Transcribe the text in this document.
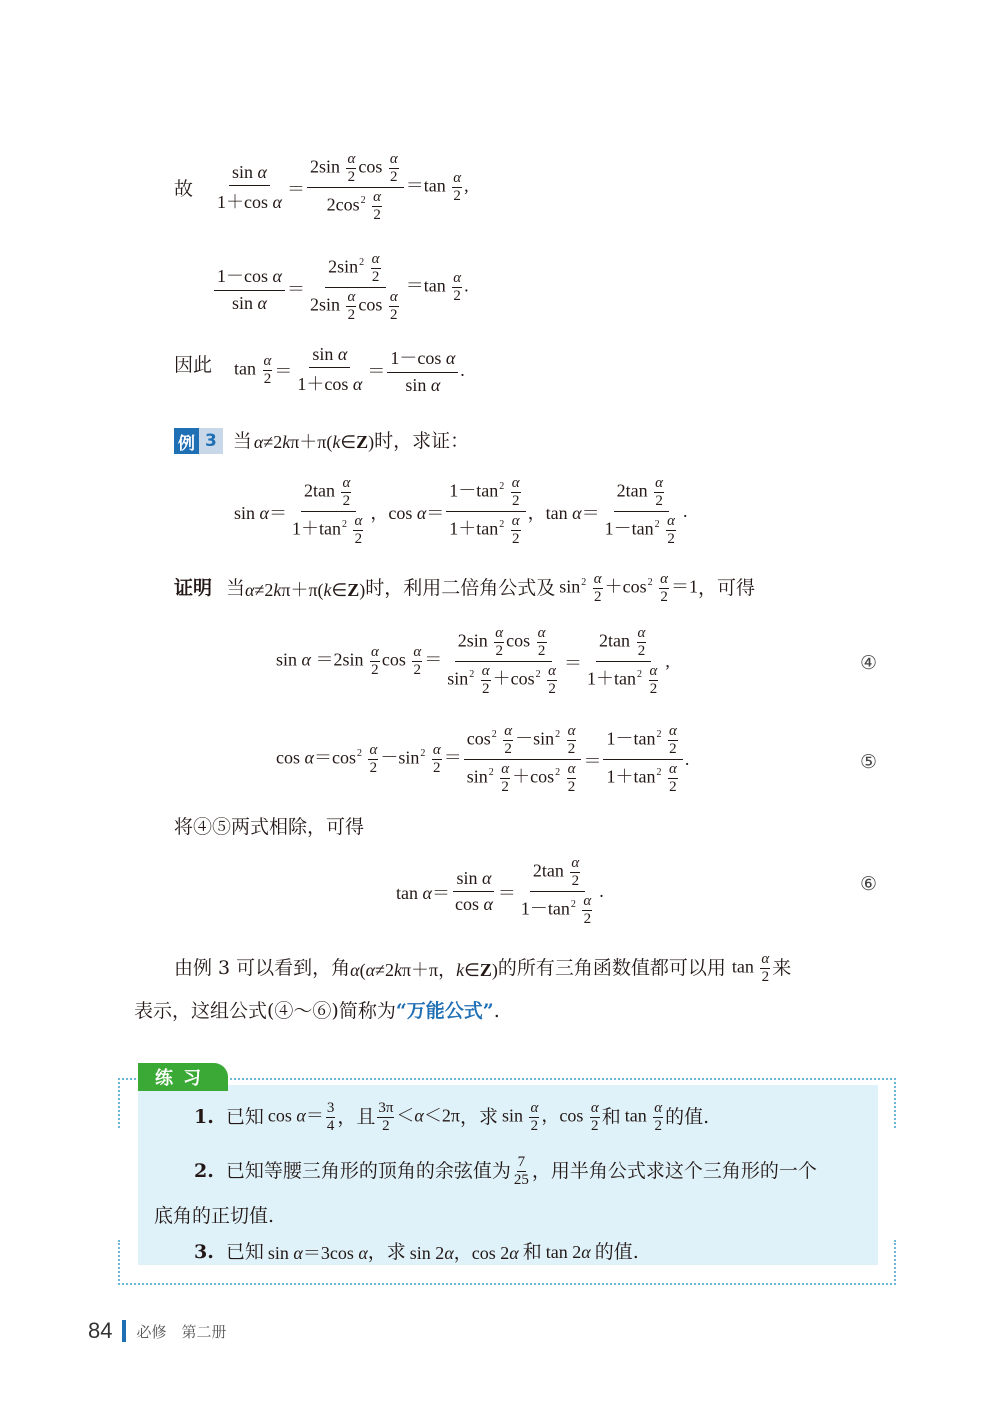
故 $\frac{\text{sin α}}{\text{1＋cos α}} = \frac{2\sin \frac{\alpha}{2} \cos \frac{\alpha}{2}}{2\cos^2 \frac{\alpha}{2}} =\tan \frac{\alpha}{2}$ ,
$\frac{\text{1－cos α}}{\text{sin α}} = \frac{2\sin^2 \frac{\alpha}{2}}{2\sin \frac{\alpha}{2} \cos \frac{\alpha}{2}} =\tan \frac{\alpha}{2}$ .
因此 $\tan \frac{\alpha}{2} = \frac{\text{sin α}}{\text{1＋cos α}} = \frac{\text{1－cos α}}{\text{sin α}}$ .
例 3 当 α≠2kπ＋π(k∈Z) 时，求证：
$\sin \alpha= \frac{2\tan \frac{\alpha}{2}}{1+\tan^2 \frac{\alpha}{2}}$ ，$\cos \alpha= \frac{1-\tan^2 \frac{\alpha}{2}}{1+\tan^2 \frac{\alpha}{2}}$ ，$\tan \alpha= \frac{2\tan \frac{\alpha}{2}}{1-\tan^2 \frac{\alpha}{2}}$ .
证明 当 α≠2kπ＋π(k∈Z) 时，利用二倍角公式及 $\sin^2 \frac{\alpha}{2} +\cos^2 \frac{\alpha}{2} =1$ ，可得
$\sin \alpha =2\sin \frac{\alpha}{2}$ $\cos \frac{\alpha}{2} = \frac{2\sin \frac{\alpha}{2} \cos \frac{\alpha}{2}}{\sin^2 \frac{\alpha}{2} +\cos^2 \frac{\alpha}{2}} = \frac{2\tan \frac{\alpha}{2}}{1+\tan^2 \frac{\alpha}{2}}$ ,	④
$\cos \alpha=\cos^2 \frac{\alpha}{2} -\sin^2 \frac{\alpha}{2} = \frac{\cos^2 \frac{\alpha}{2} -\sin^2 \frac{\alpha}{2}}{\sin^2 \frac{\alpha}{2} +\cos^2 \frac{\alpha}{2}} = \frac{1-\tan^2 \frac{\alpha}{2}}{1+\tan^2 \frac{\alpha}{2}}$ .	⑤
将④⑤两式相除，可得
$\tan \alpha= \frac{\text{sin α}}{\text{cos α}} = \frac{2\tan \frac{\alpha}{2}}{1-\tan^2 \frac{\alpha}{2}}$ .	⑥
由例 3 可以看到，角 α(α≠2kπ＋π，k∈Z) 的所有三角函数值都可以用 $\tan \frac{\alpha}{2}$ 来
表示，这组公式(④～⑥)简称为 “万能公式” .
练习
1. 已知 $\cos \alpha= \frac{3}{4}$ ，且 $\frac{3\pi}{2} <\alpha<2\pi$ ，求 $\sin \frac{\alpha}{2}$ ，$\cos \frac{\alpha}{2}$ 和 $\tan \frac{\alpha}{2}$ 的值.
2. 已知等腰三角形的顶角的余弦值为 $\frac{7}{25}$ ，用半角公式求这个三角形的一个
底角的正切值.
3. 已知 sin α＝3cos α ，求 sin 2α，cos 2α 和 tan 2α 的值.
84 必修　第二册
